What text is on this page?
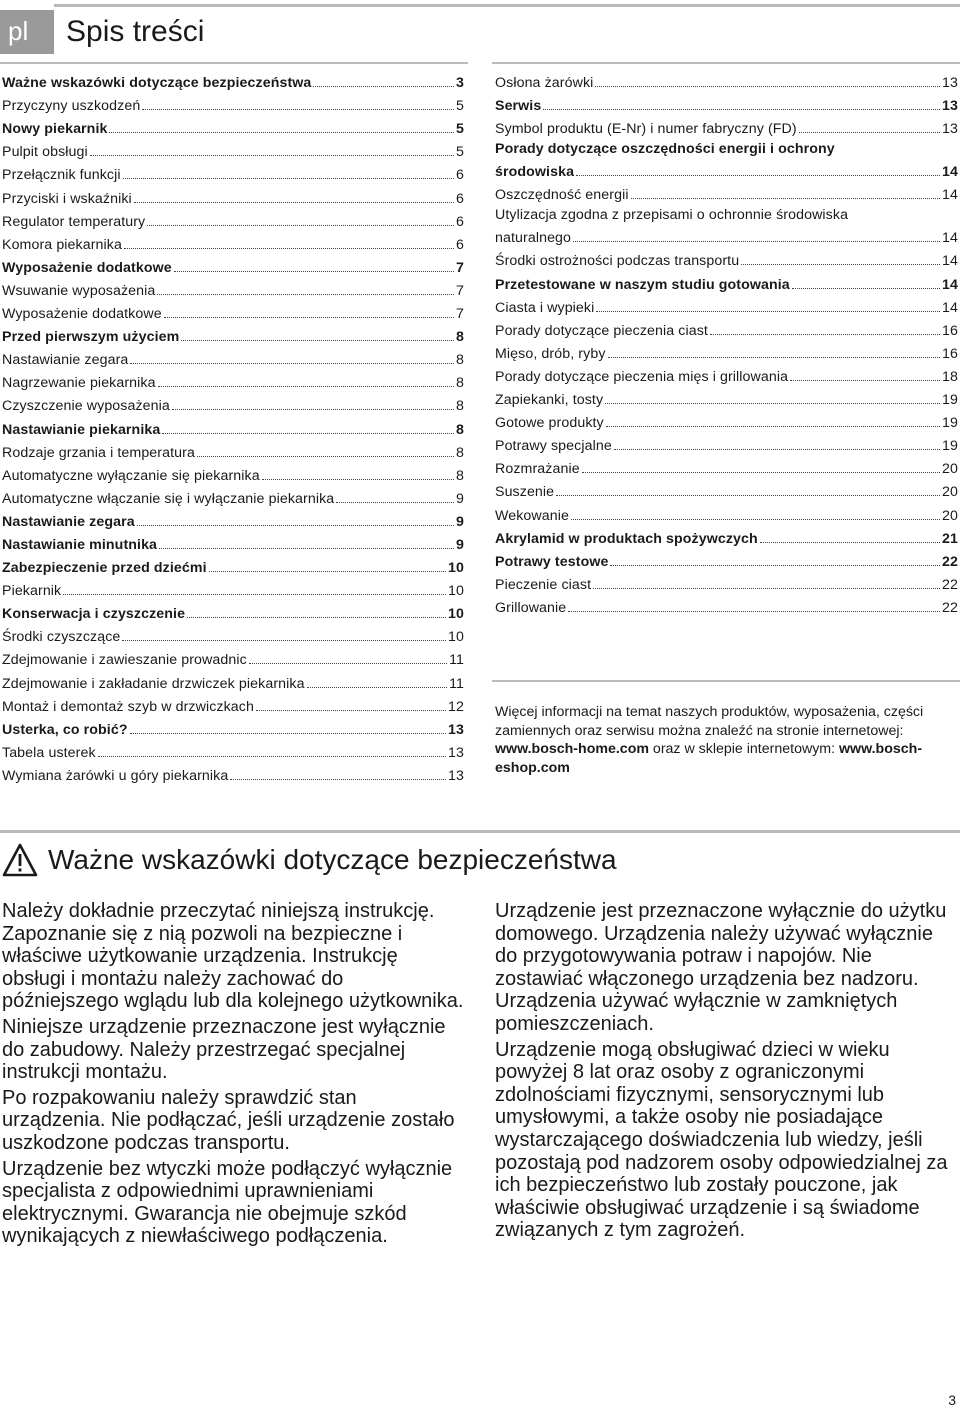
pl	Spis treści
Ważne wskazówki dotyczące bezpieczeństwa	3
Przyczyny uszkodzeń	5
Nowy piekarnik	5
Pulpit obsługi	5
Przełącznik funkcji	6
Przyciski i wskaźniki	6
Regulator temperatury	6
Komora piekarnika	6
Wyposażenie dodatkowe	7
Wsuwanie wyposażenia	7
Wyposażenie dodatkowe	7
Przed pierwszym użyciem	8
Nastawianie zegara	8
Nagrzewanie piekarnika	8
Czyszczenie wyposażenia	8
Nastawianie piekarnika	8
Rodzaje grzania i temperatura	8
Automatyczne wyłączanie się piekarnika	8
Automatyczne włączanie się i wyłączanie piekarnika	9
Nastawianie zegara	9
Nastawianie minutnika	9
Zabezpieczenie przed dziećmi	10
Piekarnik	10
Konserwacja i czyszczenie	10
Środki czyszczące	10
Zdejmowanie i zawieszanie prowadnic	11
Zdejmowanie i zakładanie drzwiczek piekarnika	11
Montaż i demontaż szyb w drzwiczkach	12
Usterka, co robić?	13
Tabela usterek	13
Wymiana żarówki u góry piekarnika	13
Osłona żarówki	13
Serwis	13
Symbol produktu (E-Nr) i numer fabryczny (FD)	13
Porady dotyczące oszczędności energii i ochrony
środowiska	14
Oszczędność energii	14
Utylizacja zgodna z przepisami o ochronnie środowiska
naturalnego	14
Środki ostrożności podczas transportu	14
Przetestowane w naszym studiu gotowania	14
Ciasta i wypieki	14
Porady dotyczące pieczenia ciast	16
Mięso, drób, ryby	16
Porady dotyczące pieczenia mięs i grillowania	18
Zapiekanki, tosty	19
Gotowe produkty	19
Potrawy specjalne	19
Rozmrażanie	20
Suszenie	20
Wekowanie	20
Akrylamid w produktach spożywczych	21
Potrawy testowe	22
Pieczenie ciast	22
Grillowanie	22
Więcej informacji na temat naszych produktów, wyposażenia, części zamiennych oraz serwisu można znaleźć na stronie internetowej: www.bosch-home.com oraz w sklepie internetowym: www.bosch-eshop.com
Ważne wskazówki dotyczące bezpieczeństwa

Należy dokładnie przeczytać niniejszą instrukcję. Zapoznanie się z nią pozwoli na bezpieczne i właściwe użytkowanie urządzenia. Instrukcję obsługi i montażu należy zachować do późniejszego wglądu lub dla kolejnego użytkownika.

Niniejsze urządzenie przeznaczone jest wyłącznie do zabudowy. Należy przestrzegać specjalnej instrukcji montażu.

Po rozpakowaniu należy sprawdzić stan urządzenia. Nie podłączać, jeśli urządzenie zostało uszkodzone podczas transportu.

Urządzenie bez wtyczki może podłączyć wyłącznie specjalista z odpowiednimi uprawnieniami elektrycznymi. Gwarancja nie obejmuje szkód wynikających z niewłaściwego podłączenia.

Urządzenie jest przeznaczone wyłącznie do użytku domowego. Urządzenia należy używać wyłącznie do przygotowywania potraw i napojów. Nie zostawiać włączonego urządzenia bez nadzoru. Urządzenia używać wyłącznie w zamkniętych pomieszczeniach.

Urządzenie mogą obsługiwać dzieci w wieku powyżej 8 lat oraz osoby z ograniczonymi zdolnościami fizycznymi, sensorycznymi lub umysłowymi, a także osoby nie posiadające wystarczającego doświadczenia lub wiedzy, jeśli pozostają pod nadzorem osoby odpowiedzialnej za ich bezpieczeństwo lub zostały pouczone, jak właściwie obsługiwać urządzenie i są świadome związanych z tym zagrożeń.

3
